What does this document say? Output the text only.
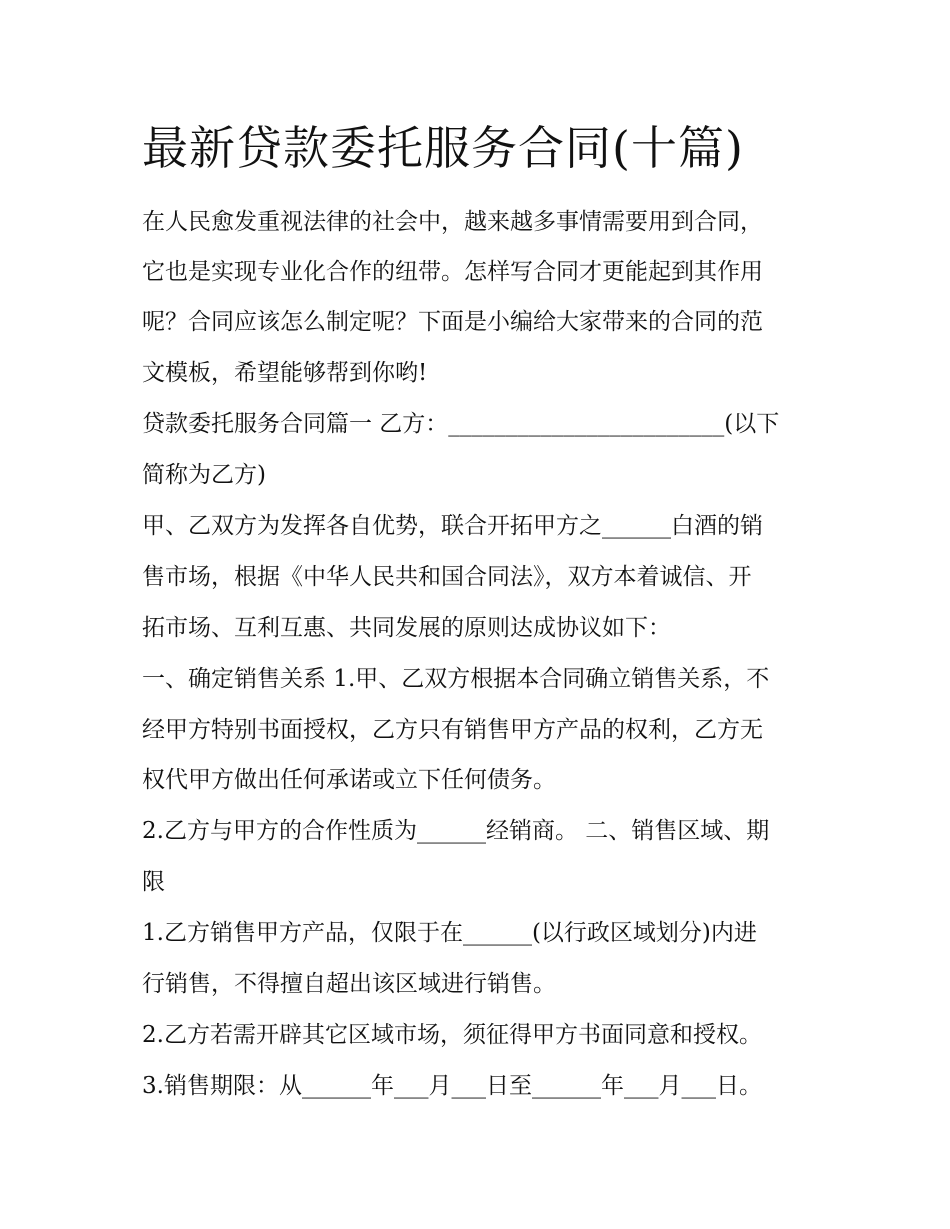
最新贷款委托服务合同(十篇)

在人民愈发重视法律的社会中，越来越多事情需要用到合同，

它也是实现专业化合作的纽带。怎样写合同才更能起到其作用

呢？合同应该怎么制定呢？下面是小编给大家带来的合同的范

文模板，希望能够帮到你哟!

贷款委托服务合同篇一 乙方：________________________(以下

简称为乙方)

甲、乙双方为发挥各自优势，联合开拓甲方之______白酒的销

售市场，根据《中华人民共和国合同法》，双方本着诚信、开

拓市场、互利互惠、共同发展的原则达成协议如下：

一、确定销售关系 1.甲、乙双方根据本合同确立销售关系，不

经甲方特别书面授权，乙方只有销售甲方产品的权利，乙方无

权代甲方做出任何承诺或立下任何债务。

2.乙方与甲方的合作性质为______经销商。 二、销售区域、期

限

1.乙方销售甲方产品，仅限于在______(以行政区域划分)内进

行销售，不得擅自超出该区域进行销售。

2.乙方若需开辟其它区域市场，须征得甲方书面同意和授权。

3.销售期限：从______年___月___日至______年___月___日。
